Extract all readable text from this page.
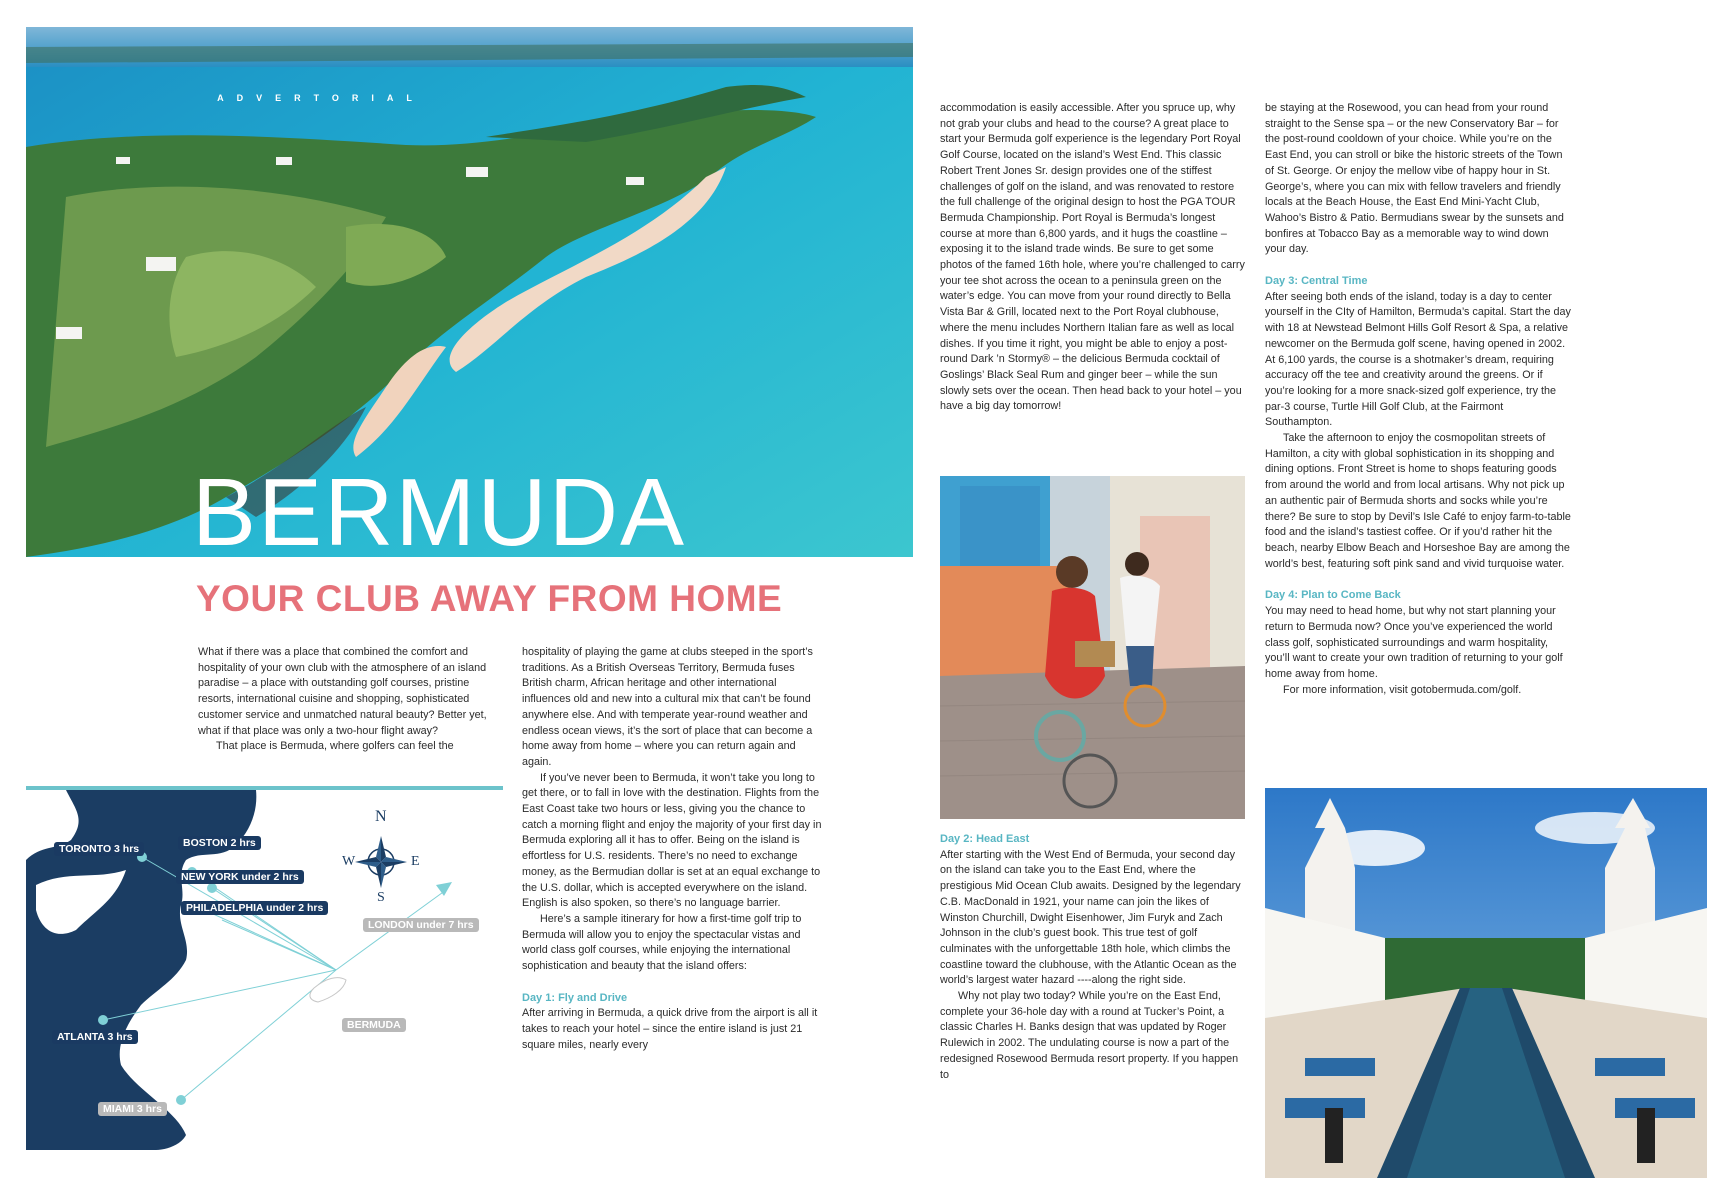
ADVERTORIAL
BERMUDA
YOUR CLUB AWAY FROM HOME

What if there was a place that combined the comfort and hospitality of your own club with the atmosphere of an island paradise – a place with outstanding golf courses, pristine resorts, international cuisine and shopping, sophisticated customer service and unmatched natural beauty? Better yet, what if that place was only a two-hour flight away?

That place is Bermuda, where golfers can feel the

N
S
E
W
TORONTO 3 hrs	BOSTON 2 hrs
NEW YORK under 2 hrs
PHILADELPHIA under 2 hrs
LONDON under 7 hrs
ATLANTA 3 hrs
BERMUDA
MIAMI 3 hrs

hospitality of playing the game at clubs steeped in the sport’s traditions. As a British Overseas Territory, Bermuda fuses British charm, African heritage and other international influences old and new into a cultural mix that can’t be found anywhere else. And with temperate year-round weather and endless ocean views, it’s the sort of place that can become a home away from home – where you can return again and again.

If you’ve never been to Bermuda, it won’t take you long to get there, or to fall in love with the destination. Flights from the East Coast take two hours or less, giving you the chance to catch a morning flight and enjoy the majority of your first day in Bermuda exploring all it has to offer. Being on the island is effortless for U.S. residents. There’s no need to exchange money, as the Bermudian dollar is set at an equal exchange to the U.S. dollar, which is accepted everywhere on the island. English is also spoken, so there’s no language barrier.

Here’s a sample itinerary for how a first-time golf trip to Bermuda will allow you to enjoy the spectacular vistas and world class golf courses, while enjoying the international sophistication and beauty that the island offers:

Day 1: Fly and Drive

After arriving in Bermuda, a quick drive from the airport is all it takes to reach your hotel – since the entire island is just 21 square miles, nearly every

accommodation is easily accessible. After you spruce up, why not grab your clubs and head to the course? A great place to start your Bermuda golf experience is the legendary Port Royal Golf Course, located on the island’s West End. This classic Robert Trent Jones Sr. design provides one of the stiffest challenges of golf on the island, and was renovated to restore the full challenge of the original design to host the PGA TOUR Bermuda Championship. Port Royal is Bermuda’s longest course at more than 6,800 yards, and it hugs the coastline – exposing it to the island trade winds. Be sure to get some photos of the famed 16th hole, where you’re challenged to carry your tee shot across the ocean to a peninsula green on the water’s edge. You can move from your round directly to Bella Vista Bar & Grill, located next to the Port Royal clubhouse, where the menu includes Northern Italian fare as well as local dishes. If you time it right, you might be able to enjoy a post-round Dark ’n Stormy® – the delicious Bermuda cocktail of Goslings’ Black Seal Rum and ginger beer – while the sun slowly sets over the ocean. Then head back to your hotel – you have a big day tomorrow!

Day 2: Head East

After starting with the West End of Bermuda, your second day on the island can take you to the East End, where the prestigious Mid Ocean Club awaits. Designed by the legendary C.B. MacDonald in 1921, your name can join the likes of Winston Churchill, Dwight Eisenhower, Jim Furyk and Zach Johnson in the club’s guest book. This true test of golf culminates with the unforgettable 18th hole, which climbs the coastline toward the clubhouse, with the Atlantic Ocean as the world’s largest water hazard ----along the right side.

Why not play two today? While you’re on the East End, complete your 36-hole day with a round at Tucker’s Point, a classic Charles H. Banks design that was updated by Roger Rulewich in 2002. The undulating course is now a part of the redesigned Rosewood Bermuda resort property. If you happen to

be staying at the Rosewood, you can head from your round straight to the Sense spa – or the new Conservatory Bar – for the post-round cooldown of your choice. While you’re on the East End, you can stroll or bike the historic streets of the Town of St. George. Or enjoy the mellow vibe of happy hour in St. George’s, where you can mix with fellow travelers and friendly locals at the Beach House, the East End Mini-Yacht Club, Wahoo’s Bistro & Patio. Bermudians swear by the sunsets and bonfires at Tobacco Bay as a memorable way to wind down your day.

Day 3: Central Time

After seeing both ends of the island, today is a day to center yourself in the CIty of Hamilton, Bermuda’s capital. Start the day with 18 at Newstead Belmont Hills Golf Resort & Spa, a relative newcomer on the Bermuda golf scene, having opened in 2002. At 6,100 yards, the course is a shotmaker’s dream, requiring accuracy off the tee and creativity around the greens. Or if you’re looking for a more snack-sized golf experience, try the par-3 course, Turtle Hill Golf Club, at the Fairmont Southampton.

Take the afternoon to enjoy the cosmopolitan streets of Hamilton, a city with global sophistication in its shopping and dining options. Front Street is home to shops featuring goods from around the world and from local artisans. Why not pick up an authentic pair of Bermuda shorts and socks while you’re there? Be sure to stop by Devil’s Isle Café to enjoy farm-to-table food and the island’s tastiest coffee. Or if you’d rather hit the beach, nearby Elbow Beach and Horseshoe Bay are among the world’s best, featuring soft pink sand and vivid turquoise water.

Day 4: Plan to Come Back

You may need to head home, but why not start planning your return to Bermuda now? Once you’ve experienced the world class golf, sophisticated surroundings and warm hospitality, you’ll want to create your own tradition of returning to your golf home away from home.

For more information, visit gotobermuda.com/golf.
